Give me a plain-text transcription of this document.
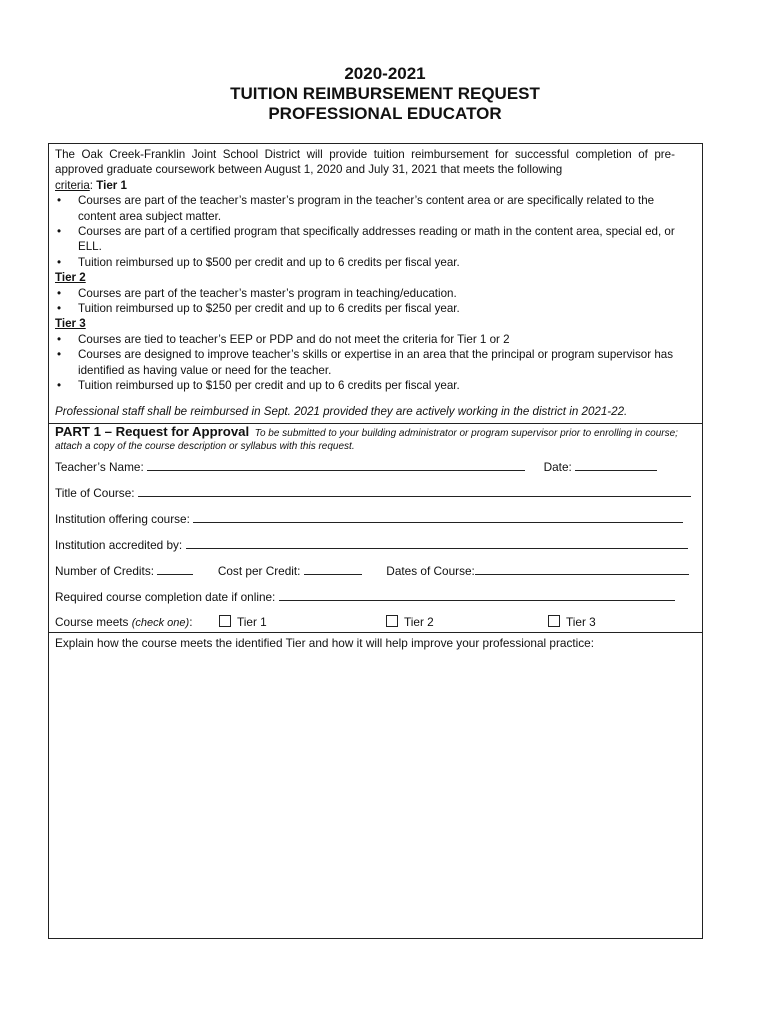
2020-2021
TUITION REIMBURSEMENT REQUEST
PROFESSIONAL EDUCATOR
The Oak Creek-Franklin Joint School District will provide tuition reimbursement for successful completion of pre-approved graduate coursework between August 1, 2020 and July 31, 2021 that meets the following
criteria: Tier 1
• Courses are part of the teacher’s master’s program in the teacher’s content area or are specifically related to the content area subject matter.
• Courses are part of a certified program that specifically addresses reading or math in the content area, special ed, or ELL.
• Tuition reimbursed up to $500 per credit and up to 6 credits per fiscal year.
Tier 2
• Courses are part of the teacher’s master’s program in teaching/education.
• Tuition reimbursed up to $250 per credit and up to 6 credits per fiscal year.
Tier 3
• Courses are tied to teacher’s EEP or PDP and do not meet the criteria for Tier 1 or 2
• Courses are designed to improve teacher’s skills or expertise in an area that the principal or program supervisor has identified as having value or need for the teacher.
• Tuition reimbursed up to $150 per credit and up to 6 credits per fiscal year.
Professional staff shall be reimbursed in Sept. 2021 provided they are actively working in the district in 2021-22.
PART 1 – Request for Approval To be submitted to your building administrator or program supervisor prior to enrolling in course; attach a copy of the course description or syllabus with this request.
Teacher’s Name:	Date:
Title of Course:
Institution offering course:
Institution accredited by:
Number of Credits:	Cost per Credit:	Dates of Course:
Required course completion date if online:
Course meets (check one):	Tier 1	Tier 2	Tier 3
Explain how the course meets the identified Tier and how it will help improve your professional practice:
